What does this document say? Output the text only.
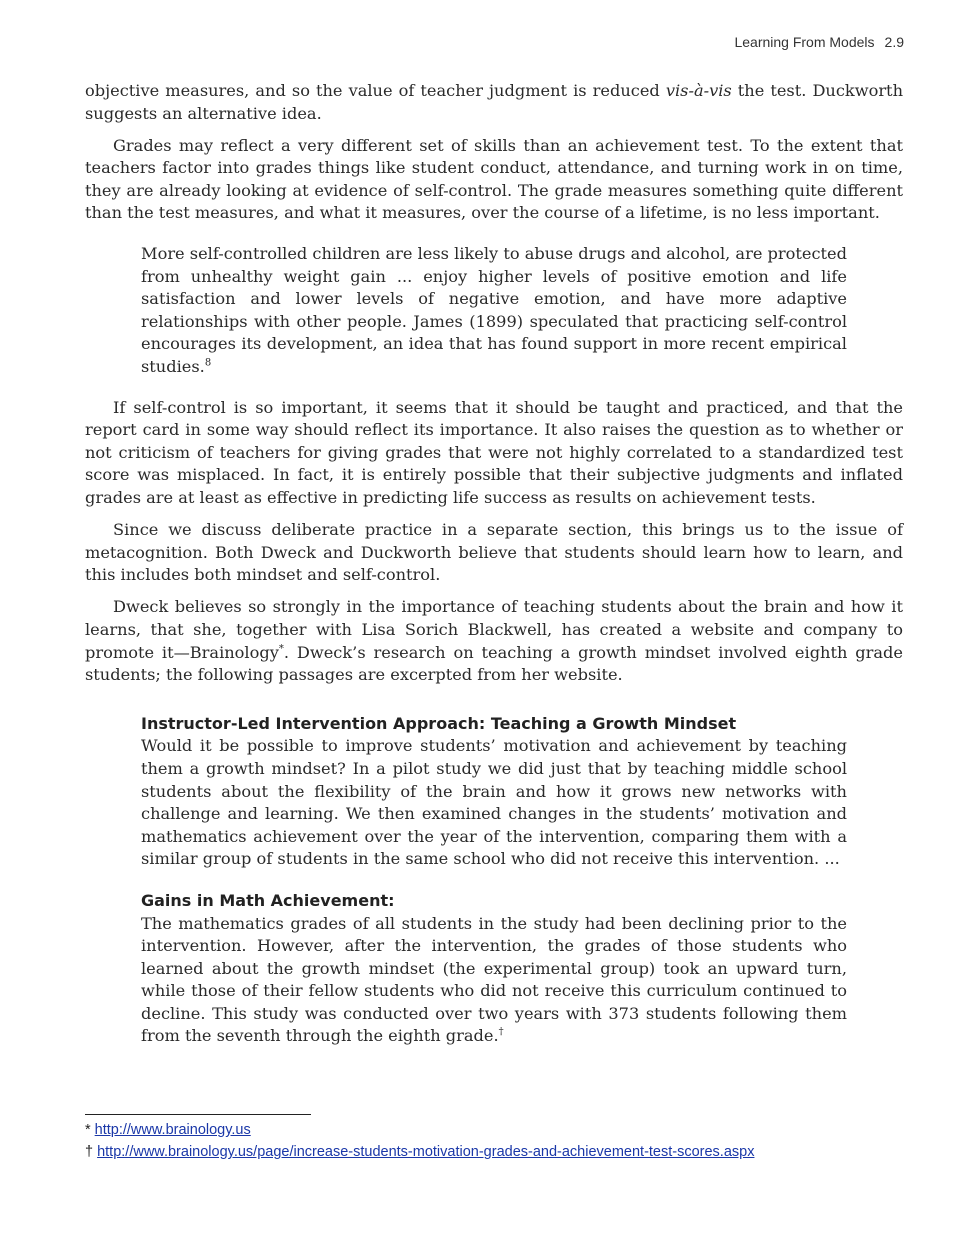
Learning From Models 2.9

objective measures, and so the value of teacher judgment is reduced vis-à-vis the test. Duckworth suggests an alternative idea.

Grades may reflect a very different set of skills than an achievement test. To the extent that teachers factor into grades things like student conduct, attendance, and turning work in on time, they are already looking at evidence of self-control. The grade measures something quite different than the test measures, and what it measures, over the course of a lifetime, is no less important.

More self-controlled children are less likely to abuse drugs and alcohol, are protected from unhealthy weight gain ... enjoy higher levels of positive emotion and life satisfaction and lower levels of negative emotion, and have more adaptive relationships with other people. James (1899) speculated that practicing self-control encourages its development, an idea that has found support in more recent empirical studies.$^8$

If self-control is so important, it seems that it should be taught and practiced, and that the report card in some way should reflect its importance. It also raises the question as to whether or not criticism of teachers for giving grades that were not highly correlated to a standardized test score was misplaced. In fact, it is entirely possible that their subjective judgments and inflated grades are at least as effective in predicting life success as results on achievement tests.

Since we discuss deliberate practice in a separate section, this brings us to the issue of metacognition. Both Dweck and Duckworth believe that students should learn how to learn, and this includes both mindset and self-control.

Dweck believes so strongly in the importance of teaching students about the brain and how it learns, that she, together with Lisa Sorich Blackwell, has created a website and company to promote it—Brainology*. Dweck’s research on teaching a growth mindset involved eighth grade students; the following passages are excerpted from her website.

Instructor-Led Intervention Approach: Teaching a Growth Mindset

Would it be possible to improve students’ motivation and achievement by teaching them a growth mindset? In a pilot study we did just that by teaching middle school students about the flexibility of the brain and how it grows new networks with challenge and learning. We then examined changes in the students’ motivation and mathematics achievement over the year of the intervention, comparing them with a similar group of students in the same school who did not receive this intervention. ...

Gains in Math Achievement:

The mathematics grades of all students in the study had been declining prior to the intervention. However, after the intervention, the grades of those students who learned about the growth mindset (the experimental group) took an upward turn, while those of their fellow students who did not receive this curriculum continued to decline. This study was conducted over two years with 373 students following them from the seventh through the eighth grade.†

* http://www.brainology.us
† http://www.brainology.us/page/increase-students-motivation-grades-and-achievement-test-scores.aspx
